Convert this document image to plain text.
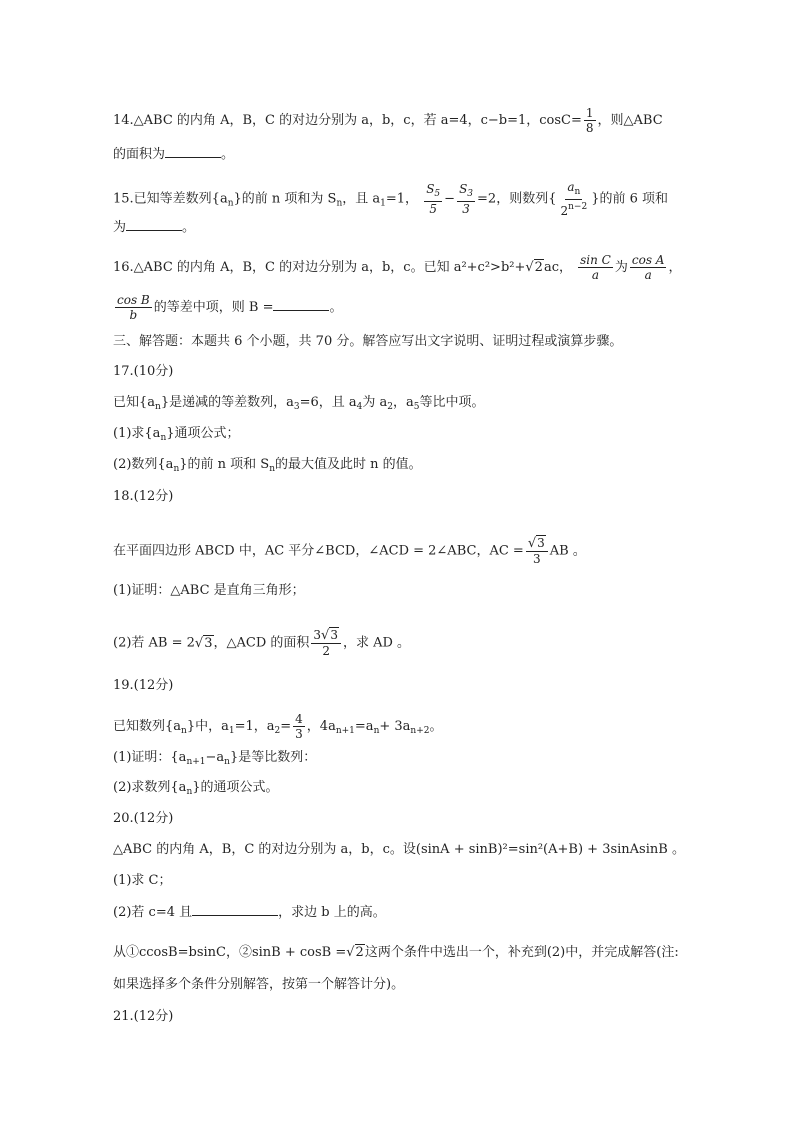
14.△ABC 的内角 A，B，C 的对边分别为 a，b，c，若 a=4，c−b=1，$\cos C= \frac{1}{8}$ ，则△ABC
的面积为	。
15.已知等差数列$\{a_n\}$的前 n 项和为 $S_n$，且 $a_1=1$， $\frac{S_5}{5} - \frac{S_3}{3} =2$，则数列{ $\frac{a_n}{2^{n-2}}$ }的前 6 项和
为	。
16.△ABC 的内角 A，B，C 的对边分别为 a，b，c。已知 a²+c²>b²+√2ac， $\frac{\text{sin C}}{a}$ 为 $\frac{\text{cos A}}{a}$ ，
$\frac{\text{cos B}}{b}$ 的等差中项，则 B =	。
三、解答题：本题共 6 个小题，共 70 分。解答应写出文字说明、证明过程或演算步骤。
17.(10分)
已知$\{a_n\}$是递减的等差数列，$a_3=6$，且 $a_4$为 $a_2$，$a_5$等比中项。
(1)求$\{a_n\}$通项公式；
(2)数列$\{a_n\}$的前 n 项和 $S_n$的最大值及此时 n 的值。
18.(12分)
在平面四边形 ABCD 中，AC 平分∠BCD，∠ACD = 2∠ABC，AC = $\frac{√3}{3}$ AB 。
(1)证明：△ABC 是直角三角形；
(2)若 AB = 2√3，△ACD 的面积 $\frac{3√3}{2}$ ，求 AD 。
19.(12分)
已知数列$\{a_n\}$中，$a_1=1$，$a_2= \frac{4}{3}$ ，$4a_{n+1}=a_n+ 3a_{n+2}$。
(1)证明：$\{a_{n+1}-a_n\}$是等比数列：
(2)求数列$\{a_n\}$的通项公式。
20.(12分)
△ABC 的内角 A，B，C 的对边分别为 a，b，c。设(sinA + sinB)²=sin²(A+B) + 3sinAsinB 。
(1)求 C；
(2)若 c=4 且	，求边 b 上的高。
从①ccosB=bsinC，②sinB + cosB =√2这两个条件中选出一个，补充到(2)中，并完成解答(注:
如果选择多个条件分别解答，按第一个解答计分)。
21.(12分)
